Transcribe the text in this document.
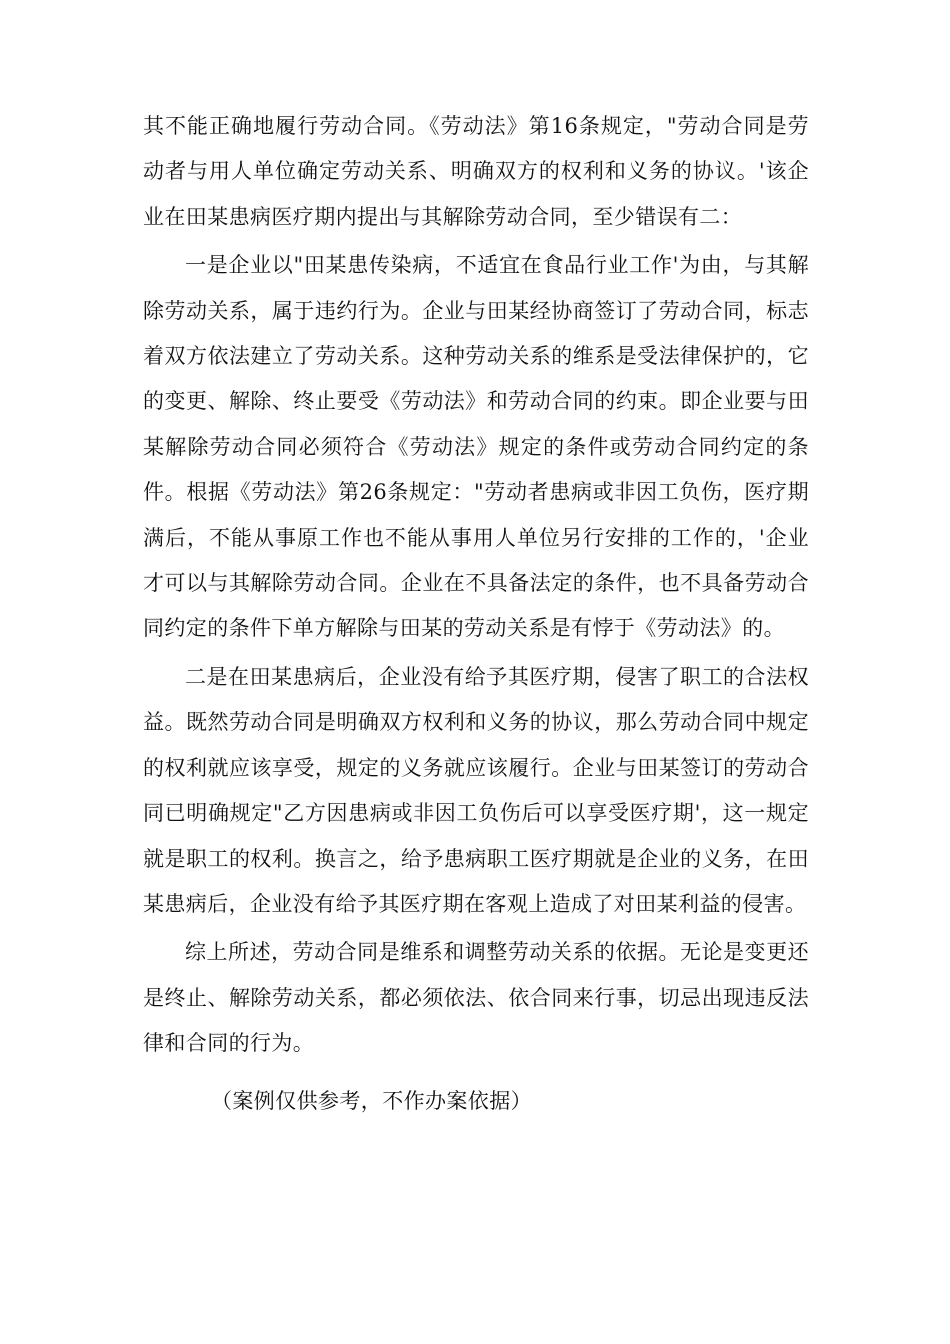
其不能正确地履行劳动合同。《劳动法》第16条规定，"劳动合同是劳动者与用人单位确定劳动关系、明确双方的权利和义务的协议。'该企业在田某患病医疗期内提出与其解除劳动合同，至少错误有二：

一是企业以"田某患传染病，不适宜在食品行业工作'为由，与其解除劳动关系，属于违约行为。企业与田某经协商签订了劳动合同，标志着双方依法建立了劳动关系。这种劳动关系的维系是受法律保护的，它的变更、解除、终止要受《劳动法》和劳动合同的约束。即企业要与田某解除劳动合同必须符合《劳动法》规定的条件或劳动合同约定的条件。根据《劳动法》第26条规定："劳动者患病或非因工负伤，医疗期满后，不能从事原工作也不能从事用人单位另行安排的工作的，'企业才可以与其解除劳动合同。企业在不具备法定的条件，也不具备劳动合同约定的条件下单方解除与田某的劳动关系是有悖于《劳动法》的。

二是在田某患病后，企业没有给予其医疗期，侵害了职工的合法权益。既然劳动合同是明确双方权利和义务的协议，那么劳动合同中规定的权利就应该享受，规定的义务就应该履行。企业与田某签订的劳动合同已明确规定"乙方因患病或非因工负伤后可以享受医疗期'，这一规定就是职工的权利。换言之，给予患病职工医疗期就是企业的义务，在田某患病后，企业没有给予其医疗期在客观上造成了对田某利益的侵害。

综上所述，劳动合同是维系和调整劳动关系的依据。无论是变更还是终止、解除劳动关系，都必须依法、依合同来行事，切忌出现违反法律和合同的行为。

（案例仅供参考，不作办案依据）
